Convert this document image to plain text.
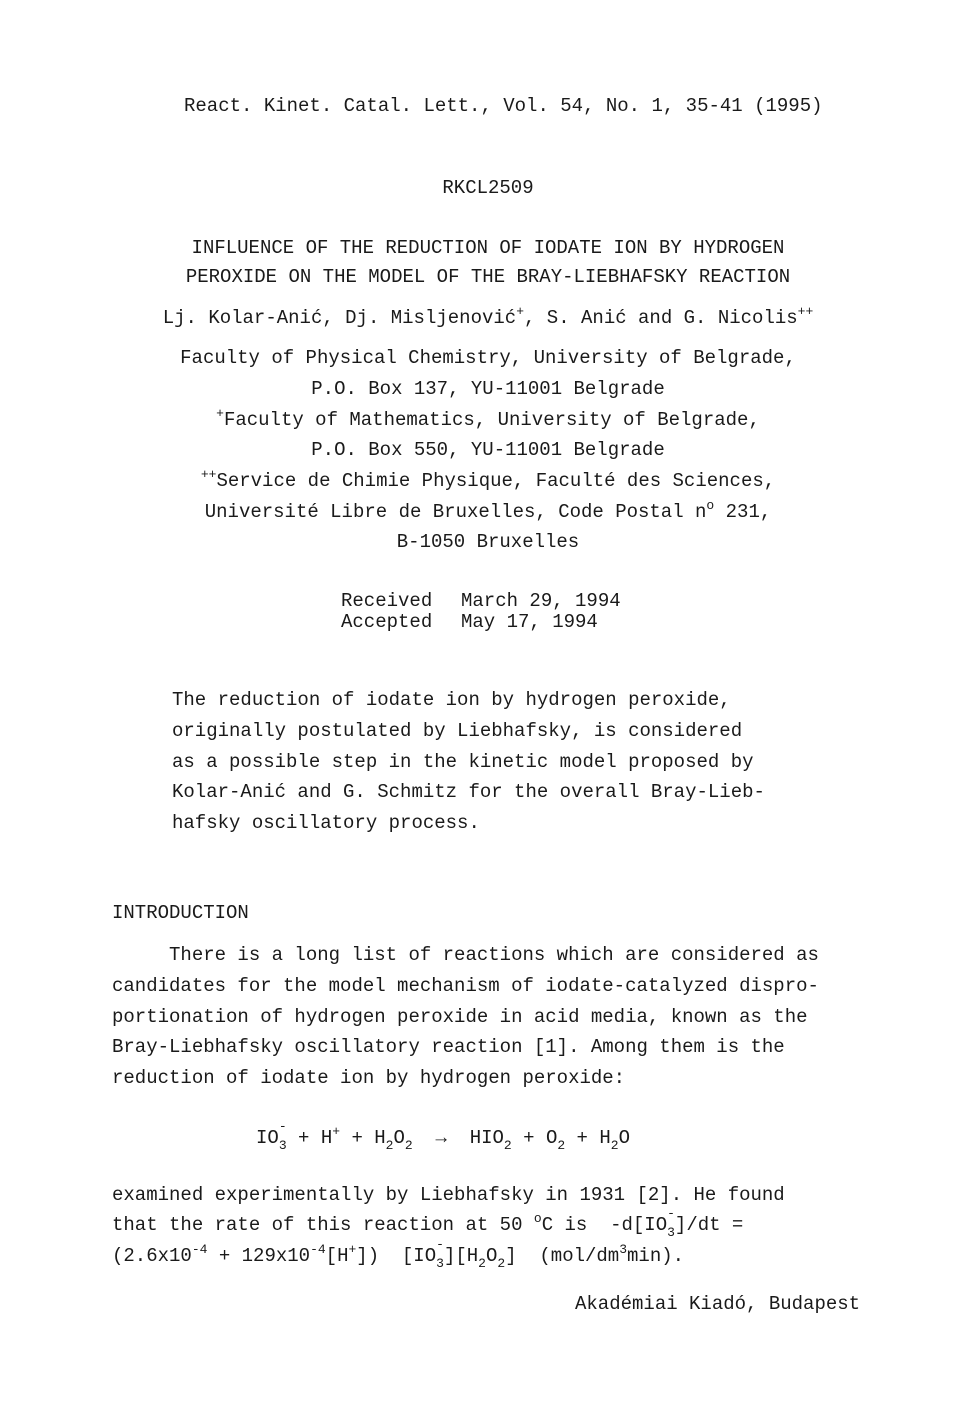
React. Kinet. Catal. Lett., Vol. 54, No. 1, 35-41 (1995)
RKCL2509
INFLUENCE OF THE REDUCTION OF IODATE ION BY HYDROGEN
PEROXIDE ON THE MODEL OF THE BRAY-LIEBHAFSKY REACTION
Lj. Kolar-Anić, Dj. Misljenović+, S. Anić and G. Nicolis++
Faculty of Physical Chemistry, University of Belgrade,
P.O. Box 137, YU-11001 Belgrade
+Faculty of Mathematics, University of Belgrade,
P.O. Box 550, YU-11001 Belgrade
++Service de Chimie Physique, Faculté des Sciences,
Université Libre de Bruxelles, Code Postal $n^o$ 231,
B-1050 Bruxelles
Received March 29, 1994
Accepted May 17, 1994
The reduction of iodate ion by hydrogen peroxide,
originally postulated by Liebhafsky, is considered
as a possible step in the kinetic model proposed by
Kolar-Anić and G. Schmitz for the overall Bray-Lieb-
hafsky oscillatory process.
INTRODUCTION
There is a long list of reactions which are considered as
candidates for the model mechanism of iodate-catalyzed dispro-
portionation of hydrogen peroxide in acid media, known as the
Bray-Liebhafsky oscillatory reaction [1]. Among them is the
reduction of iodate ion by hydrogen peroxide:
IO
-
$_3 + H^+ + H_2O_2 \to HIO_2 + O_2 + H_2O$
examined experimentally by Liebhafsky in 1931 [2]. He found
that the rate of this reaction at 50 $^o$C is  -d[IO
-
$_3$]/dt =
$(2.6x10^{-4} + 129x10^{-4}[H^+])$  [IO
-
$_3][H_2O_2]$  $(mol/dm^3\min)$.
Akadémiai Kiadó, Budapest
